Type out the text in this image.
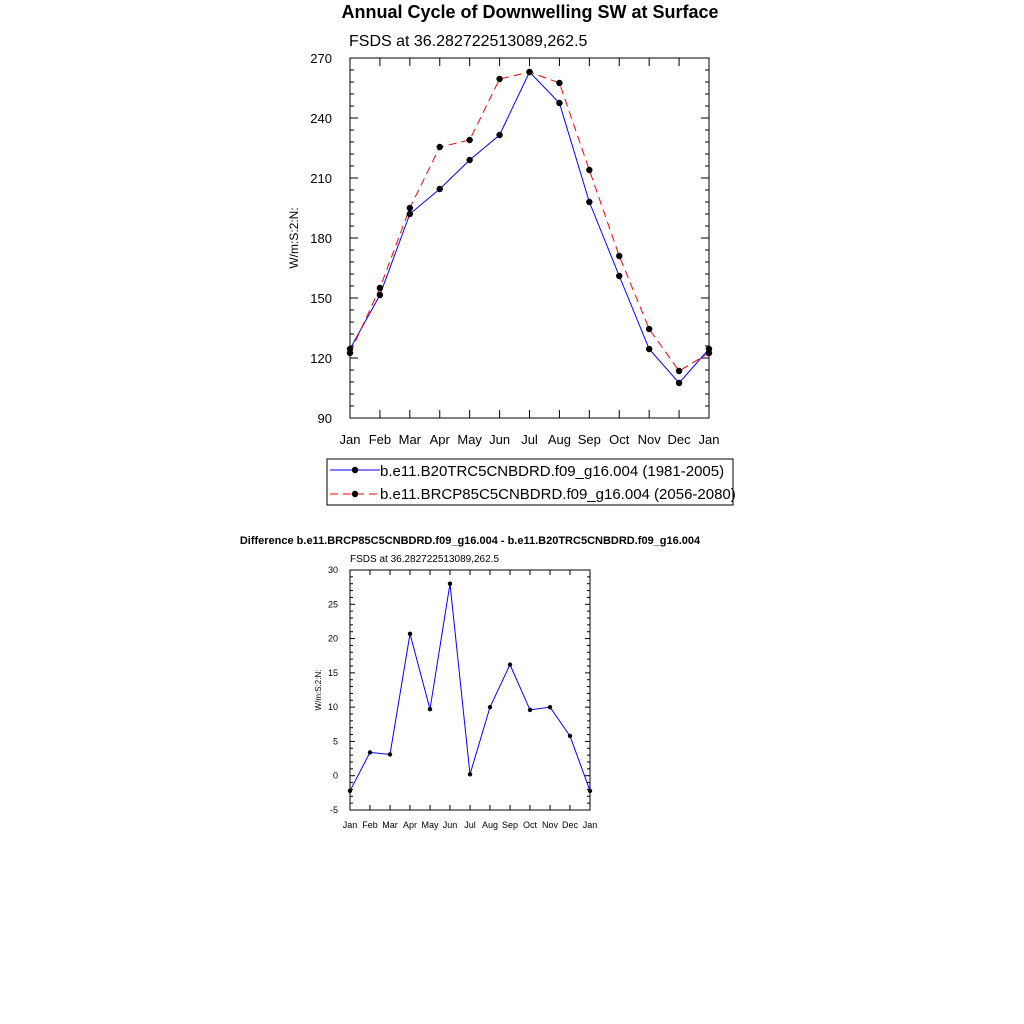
Annual Cycle of Downwelling SW at Surface
FSDS at 36.282722513089,262.5
W/m:S:2:N:
90
120
150
180
210
240
270
Jan Feb Mar Apr May Jun Jul Aug Sep Oct Nov Dec Jan
b.e11.B20TRC5CNBDRD.f09_g16.004 (1981-2005)
b.e11.BRCP85C5CNBDRD.f09_g16.004 (2056-2080)
Difference b.e11.BRCP85C5CNBDRD.f09_g16.004 - b.e11.B20TRC5CNBDRD.f09_g16.004
FSDS at 36.282722513089,262.5
W/m:S:2:N:
-5
0
5
10
15
20
25
30
Jan Feb Mar Apr May Jun Jul Aug Sep Oct Nov Dec Jan
